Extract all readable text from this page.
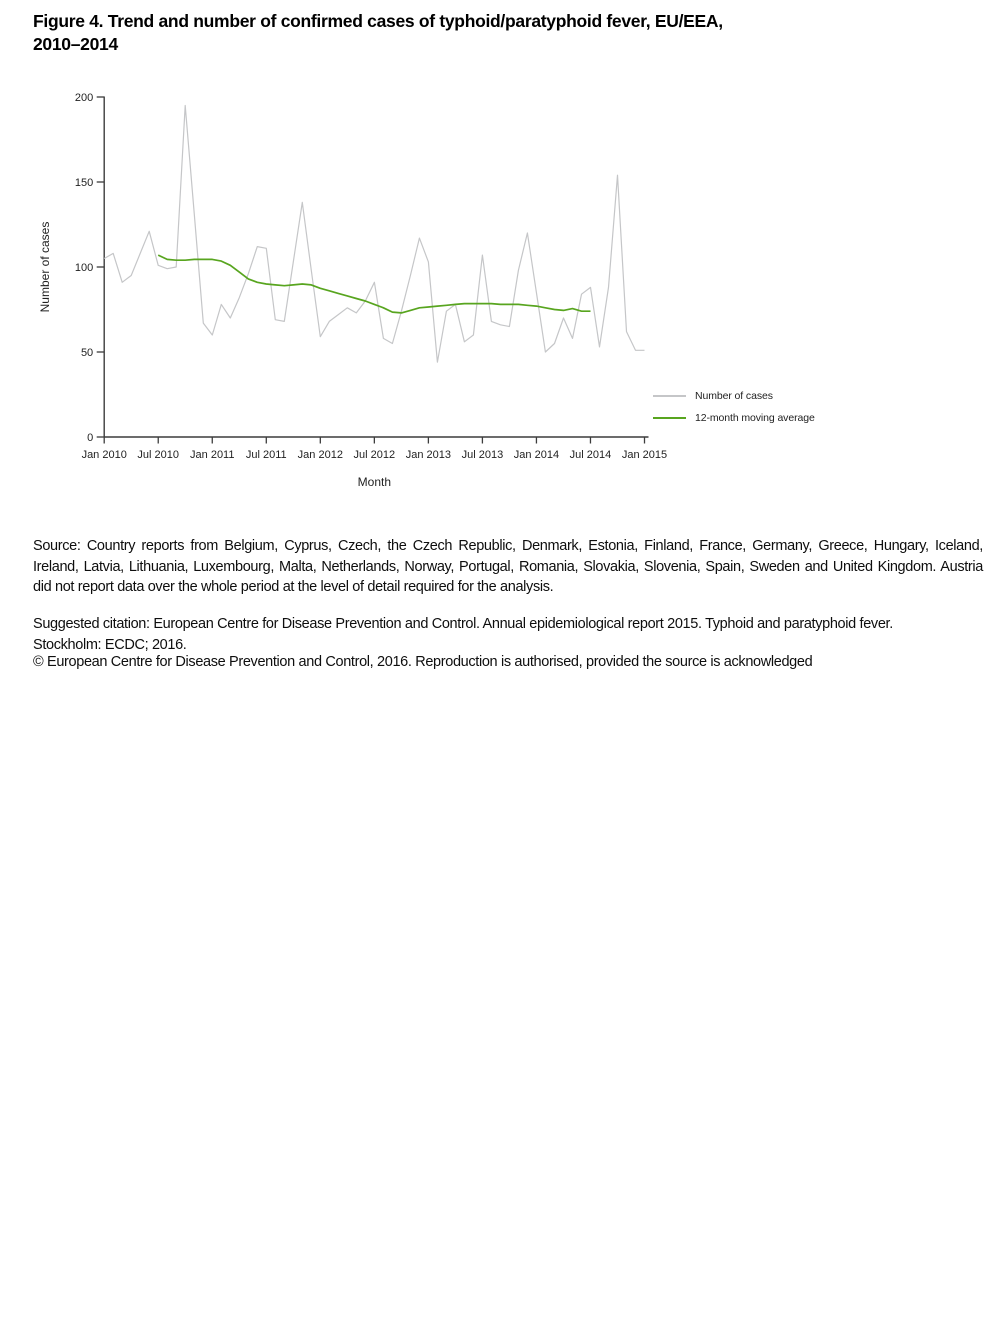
Figure 4. Trend and number of confirmed cases of typhoid/paratyphoid fever, EU/EEA,
2010–2014
0
50
100
150
200
Jan 2010 Jul 2010 Jan 2011 Jul 2011 Jan 2012 Jul 2012 Jan 2013 Jul 2013 Jan 2014 Jul 2014 Jan 2015
Month
Number of cases
Number of cases
12-month moving average

Source: Country reports from Belgium, Cyprus, Czech, the Czech Republic, Denmark, Estonia, Finland, France, Germany, Greece, Hungary, Iceland, Ireland, Latvia, Lithuania, Luxembourg, Malta, Netherlands, Norway, Portugal, Romania, Slovakia, Slovenia, Spain, Sweden and United Kingdom. Austria did not report data over the whole period at the level of detail required for the analysis.

Suggested citation: European Centre for Disease Prevention and Control. Annual epidemiological report 2015. Typhoid and paratyphoid fever. Stockholm: ECDC; 2016.

© European Centre for Disease Prevention and Control, 2016. Reproduction is authorised, provided the source is acknowledged
